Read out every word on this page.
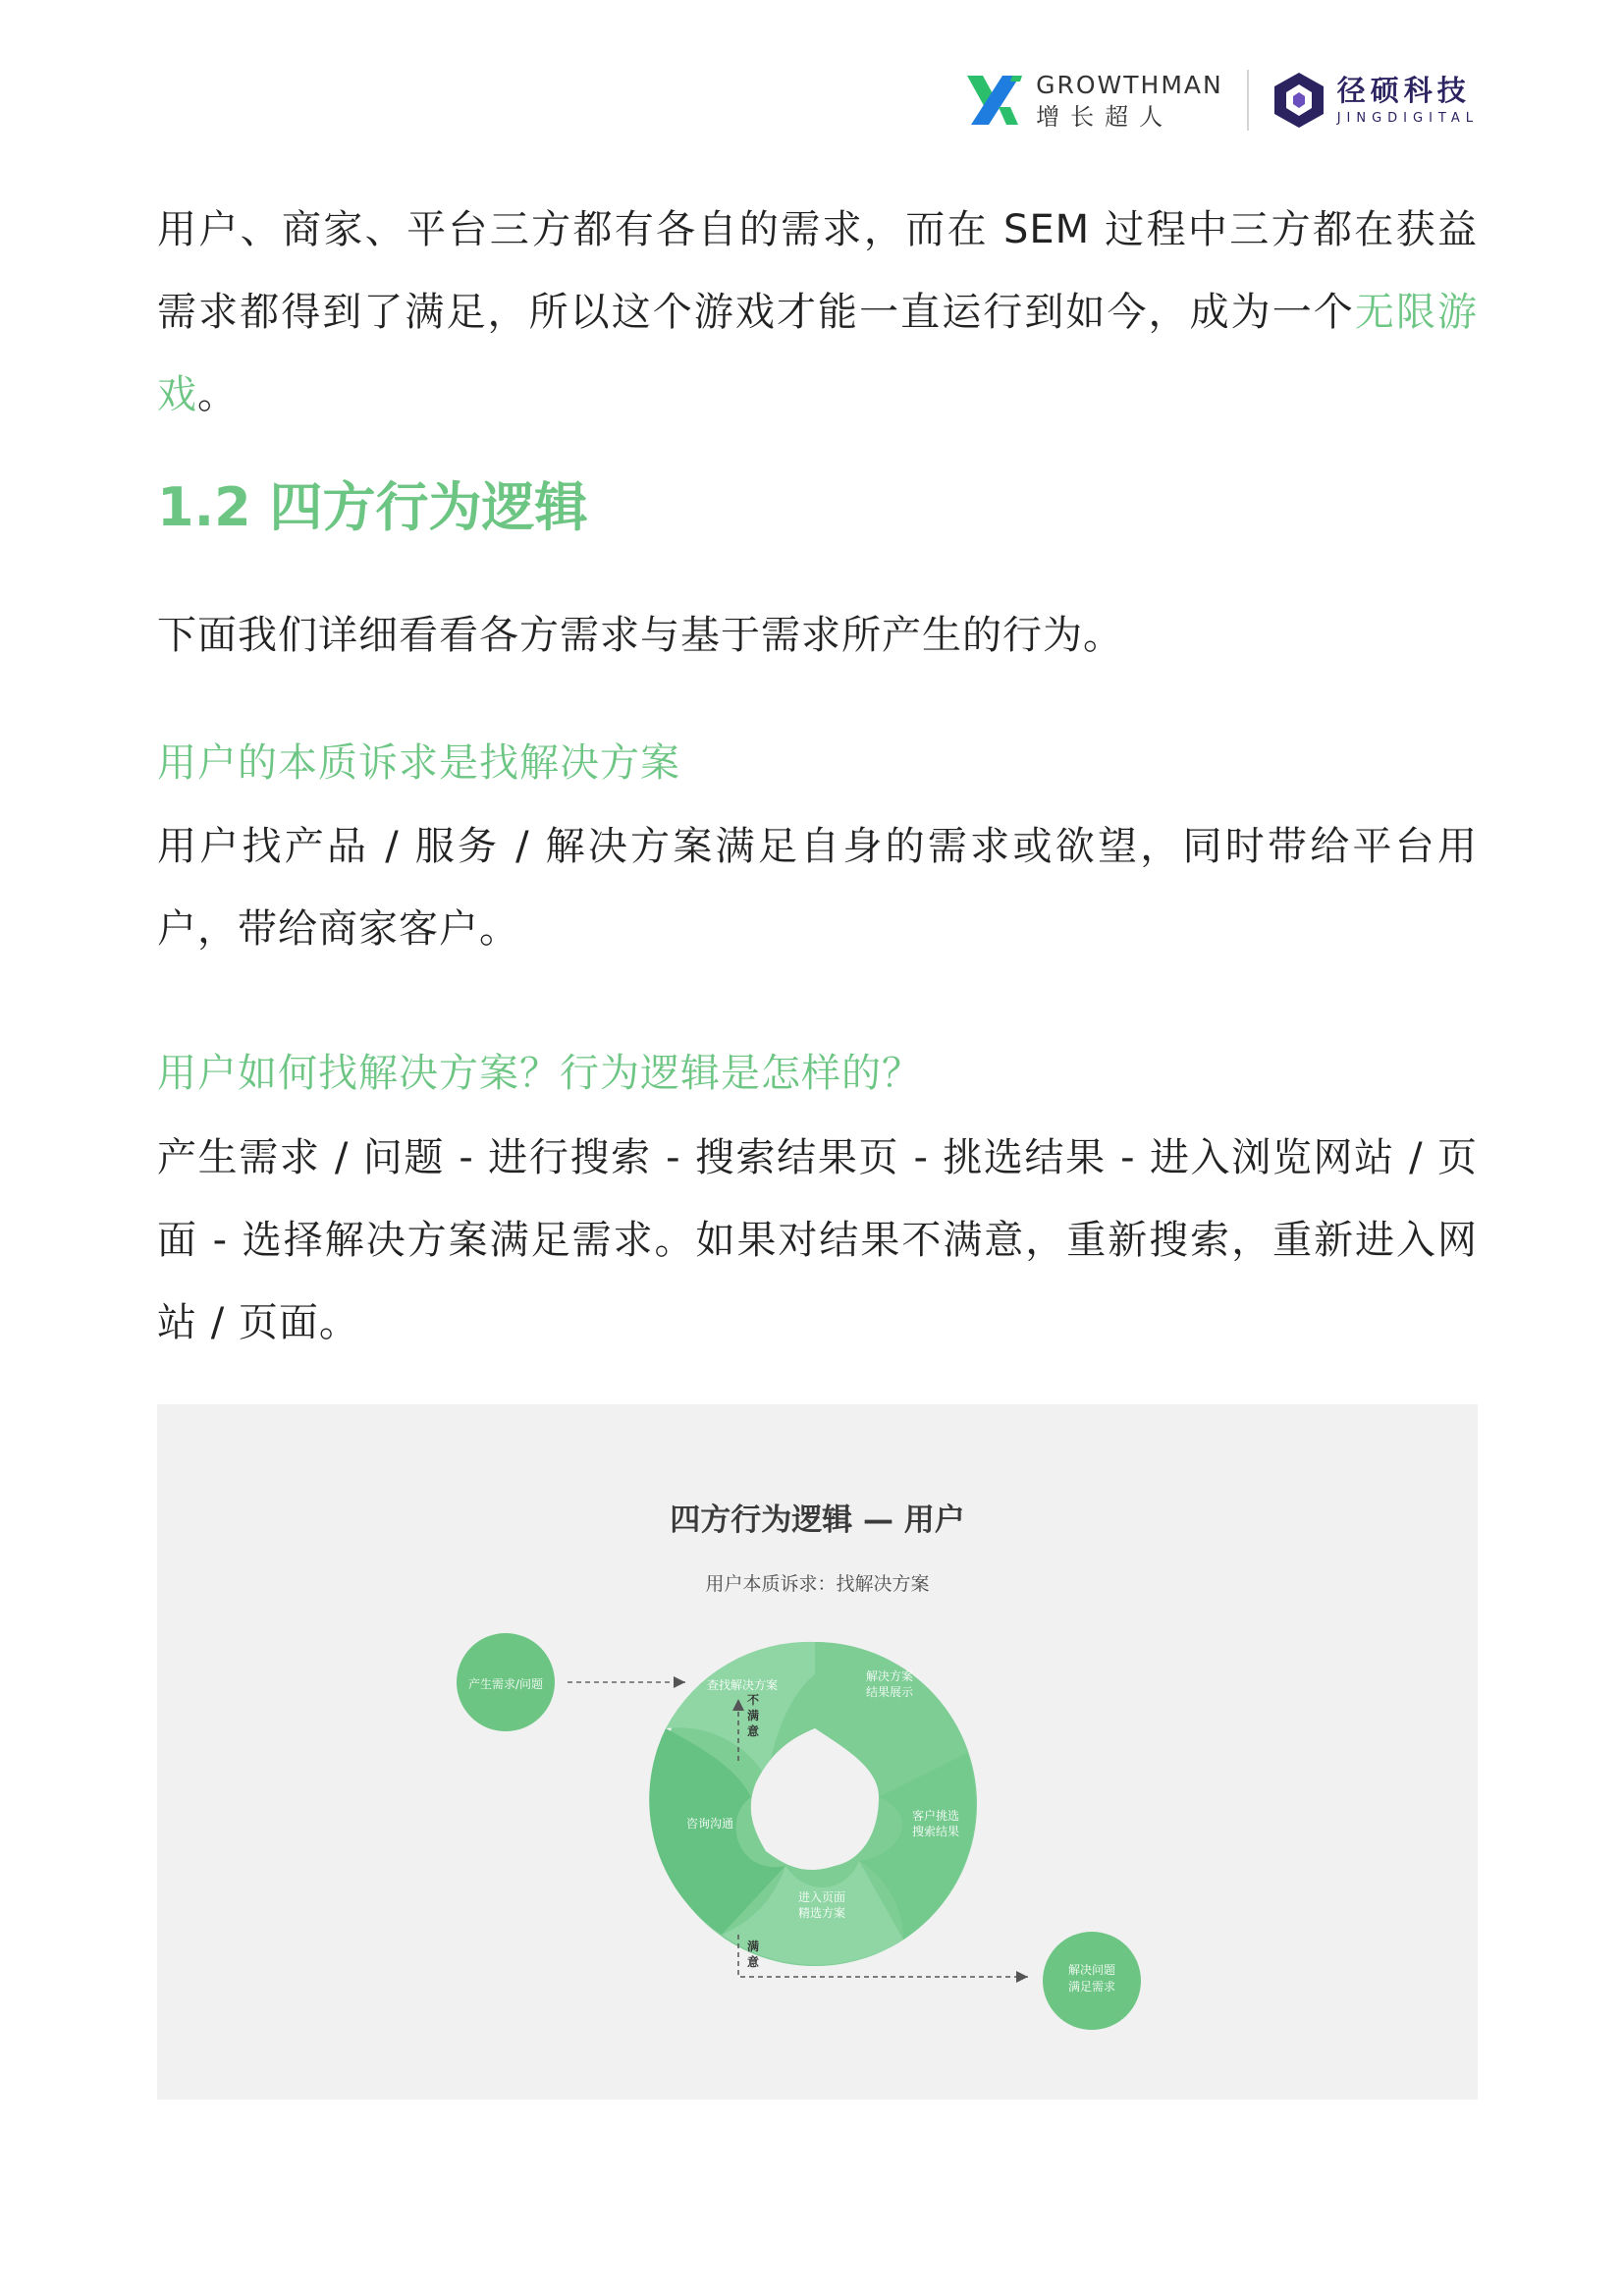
GROWTHMAN
增长超人
径硕科技
JINGDIGITAL

用户、商家、平台三方都有各自的需求，而在 SEM 过程中三方都在获益需求都得到了满足，所以这个游戏才能一直运行到如今，成为一个无限游戏。

1.2 四方行为逻辑

下面我们详细看看各方需求与基于需求所产生的行为。

用户的本质诉求是找解决方案

用户找产品 / 服务 / 解决方案满足自身的需求或欲望，同时带给平台用户，带给商家客户。

用户如何找解决方案？行为逻辑是怎样的？

产生需求 / 问题 - 进行搜索 - 搜索结果页 - 挑选结果 - 进入浏览网站 / 页面 - 选择解决方案满足需求。如果对结果不满意，重新搜索，重新进入网站 / 页面。

四方行为逻辑 — 用户
用户本质诉求：找解决方案
产生需求/问题	查找解决方案
解决方案
结果展示
客户挑选
搜索结果
进入页面
精选方案
咨询沟通
不
满
意
满
意
解决问题
满足需求
